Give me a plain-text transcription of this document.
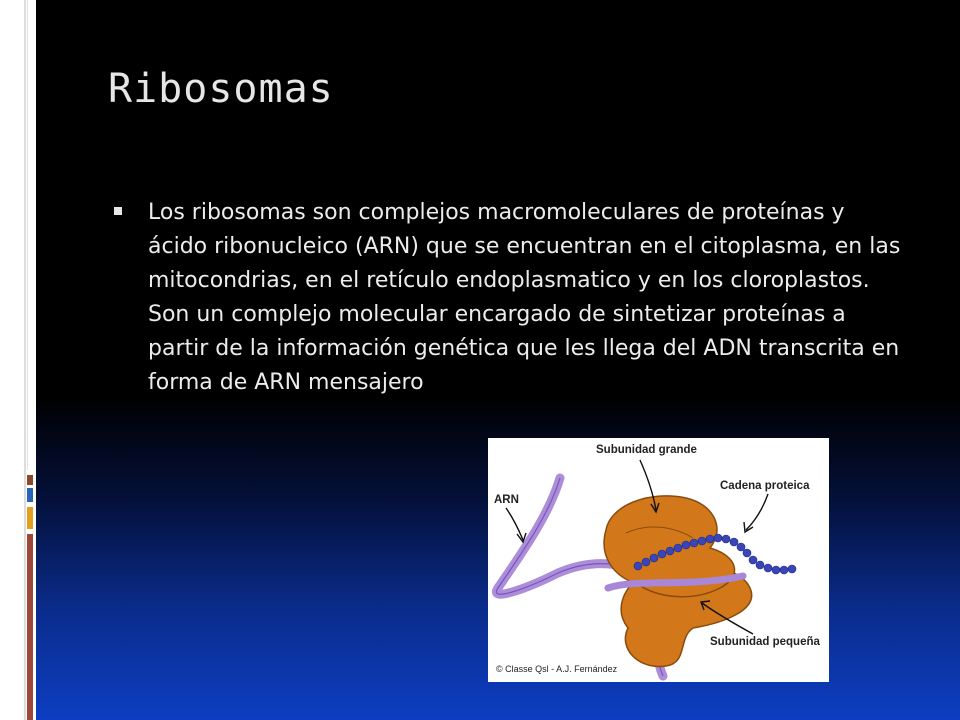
Ribosomas
Los ribosomas son complejos macromoleculares de proteínas y ácido ribonucleico (ARN) que se encuentran en el citoplasma, en las mitocondrias, en el retículo endoplasmatico y en los cloroplastos. Son un complejo molecular encargado de sintetizar proteínas a partir de la información genética que les llega del ADN transcrita en forma de ARN mensajero
Subunidad grande
ARN
Cadena proteica
Subunidad pequeña
© Classe Qsl - A.J. Fernández
